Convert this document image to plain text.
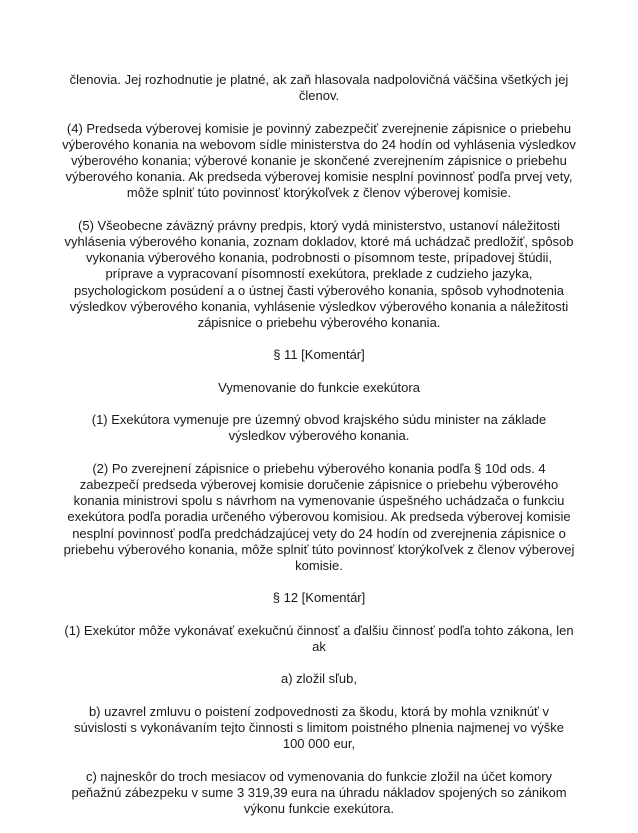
členovia. Jej rozhodnutie je platné, ak zaň hlasovala nadpolovičná väčšina všetkých jej členov.

(4) Predseda výberovej komisie je povinný zabezpečiť zverejnenie zápisnice o priebehu výberového konania na webovom sídle ministerstva do 24 hodín od vyhlásenia výsledkov výberového konania; výberové konanie je skončené zverejnením zápisnice o priebehu výberového konania. Ak predseda výberovej komisie nesplní povinnosť podľa prvej vety, môže splniť túto povinnosť ktorýkoľvek z členov výberovej komisie.

(5) Všeobecne záväzný právny predpis, ktorý vydá ministerstvo, ustanoví náležitosti vyhlásenia výberového konania, zoznam dokladov, ktoré má uchádzač predložiť, spôsob vykonania výberového konania, podrobnosti o písomnom teste, prípadovej štúdii, príprave a vypracovaní písomností exekútora, preklade z cudzieho jazyka, psychologickom posúdení a o ústnej časti výberového konania, spôsob vyhodnotenia výsledkov výberového konania, vyhlásenie výsledkov výberového konania a náležitosti zápisnice o priebehu výberového konania.

§ 11 [Komentár]

Vymenovanie do funkcie exekútora

(1) Exekútora vymenuje pre územný obvod krajského súdu minister na základe výsledkov výberového konania.

(2) Po zverejnení zápisnice o priebehu výberového konania podľa § 10d ods. 4 zabezpečí predseda výberovej komisie doručenie zápisnice o priebehu výberového konania ministrovi spolu s návrhom na vymenovanie úspešného uchádzača o funkciu exekútora podľa poradia určeného výberovou komisiou. Ak predseda výberovej komisie nesplní povinnosť podľa predchádzajúcej vety do 24 hodín od zverejnenia zápisnice o priebehu výberového konania, môže splniť túto povinnosť ktorýkoľvek z členov výberovej komisie.

§ 12 [Komentár]

(1) Exekútor môže vykonávať exekučnú činnosť a ďalšiu činnosť podľa tohto zákona, len ak

a) zložil sľub,

b) uzavrel zmluvu o poistení zodpovednosti za škodu, ktorá by mohla vzniknúť v súvislosti s vykonávaním tejto činnosti s limitom poistného plnenia najmenej vo výške 100 000 eur,

c) najneskôr do troch mesiacov od vymenovania do funkcie zložil na účet komory peňažnú zábezpeku v sume 3 319,39 eura na úhradu nákladov spojených so zánikom výkonu funkcie exekútora.
